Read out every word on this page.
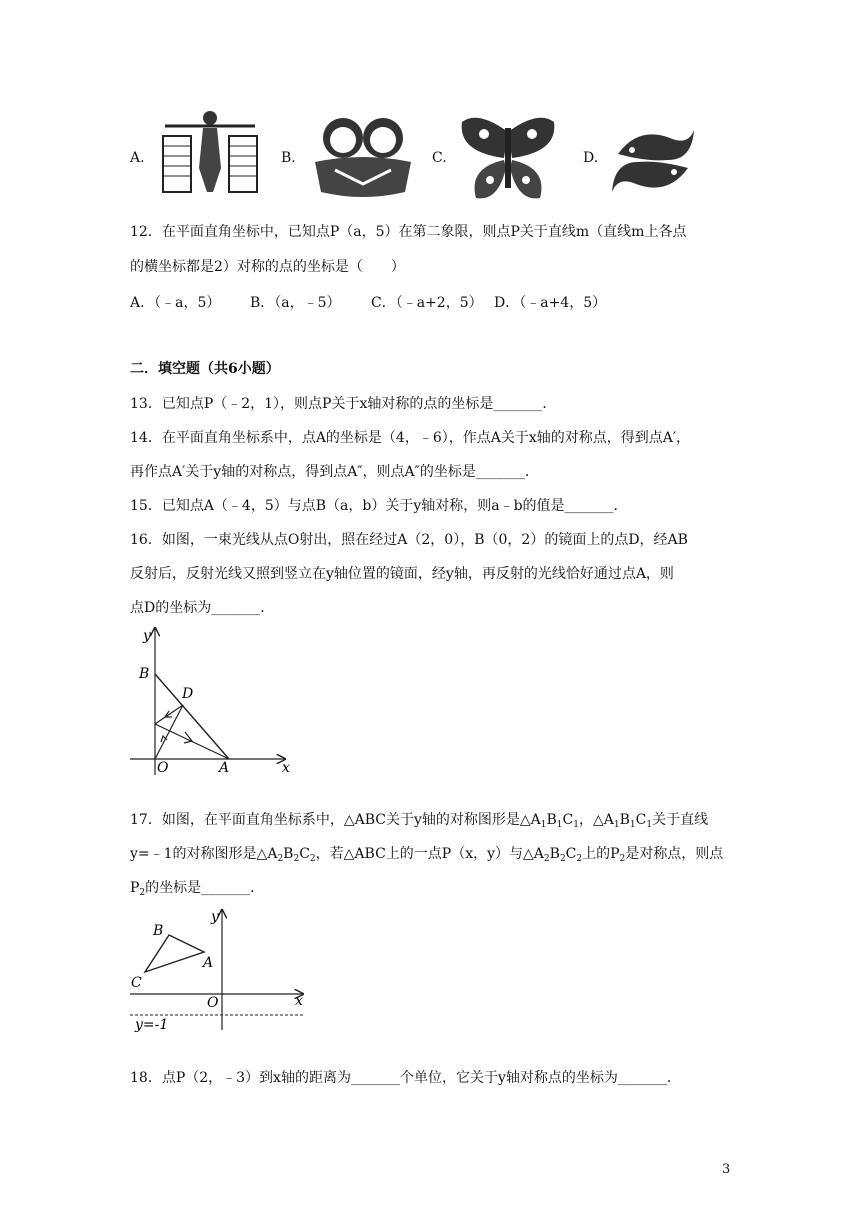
A.	B.	C.	D.
12．在平面直角坐标中，已知点P（a，5）在第二象限，则点P关于直线m（直线m上各点
的横坐标都是2）对称的点的坐标是（　　）
A．（﹣a，5） B．（a，﹣5） C．（﹣a+2，5） D．（﹣a+4，5）
二．填空题（共6小题）
13．已知点P（﹣2，1），则点P关于x轴对称的点的坐标是_______．
14．在平面直角坐标系中，点A的坐标是（4，﹣6），作点A关于x轴的对称点，得到点A′，
再作点A′关于y轴的对称点，得到点A″，则点A″的坐标是_______．
15．已知点A（﹣4，5）与点B（a，b）关于y轴对称，则a﹣b的值是_______．
16．如图，一束光线从点O射出，照在经过A（2，0），B（0，2）的镜面上的点D，经AB
反射后，反射光线又照到竖立在y轴位置的镜面，经y轴，再反射的光线恰好通过点A，则
点D的坐标为_______．
y
x
B
D
O	A
17．如图，在平面直角坐标系中，△ABC关于y轴的对称图形是$\triangle A_1B_1C_1$，$\triangle A_1B_1C_1$关于直线
y=﹣1的对称图形是$\triangle A_2B_2C_2$，若△ABC上的一点P（x，y）与$\triangle A_2B_2C_2$上的$P_2$是对称点，则点
$P_2$的坐标是_______．
y
x
B
A
C
O
y=-1
18．点P（2，﹣3）到x轴的距离为_______个单位，它关于y轴对称点的坐标为_______．
3
